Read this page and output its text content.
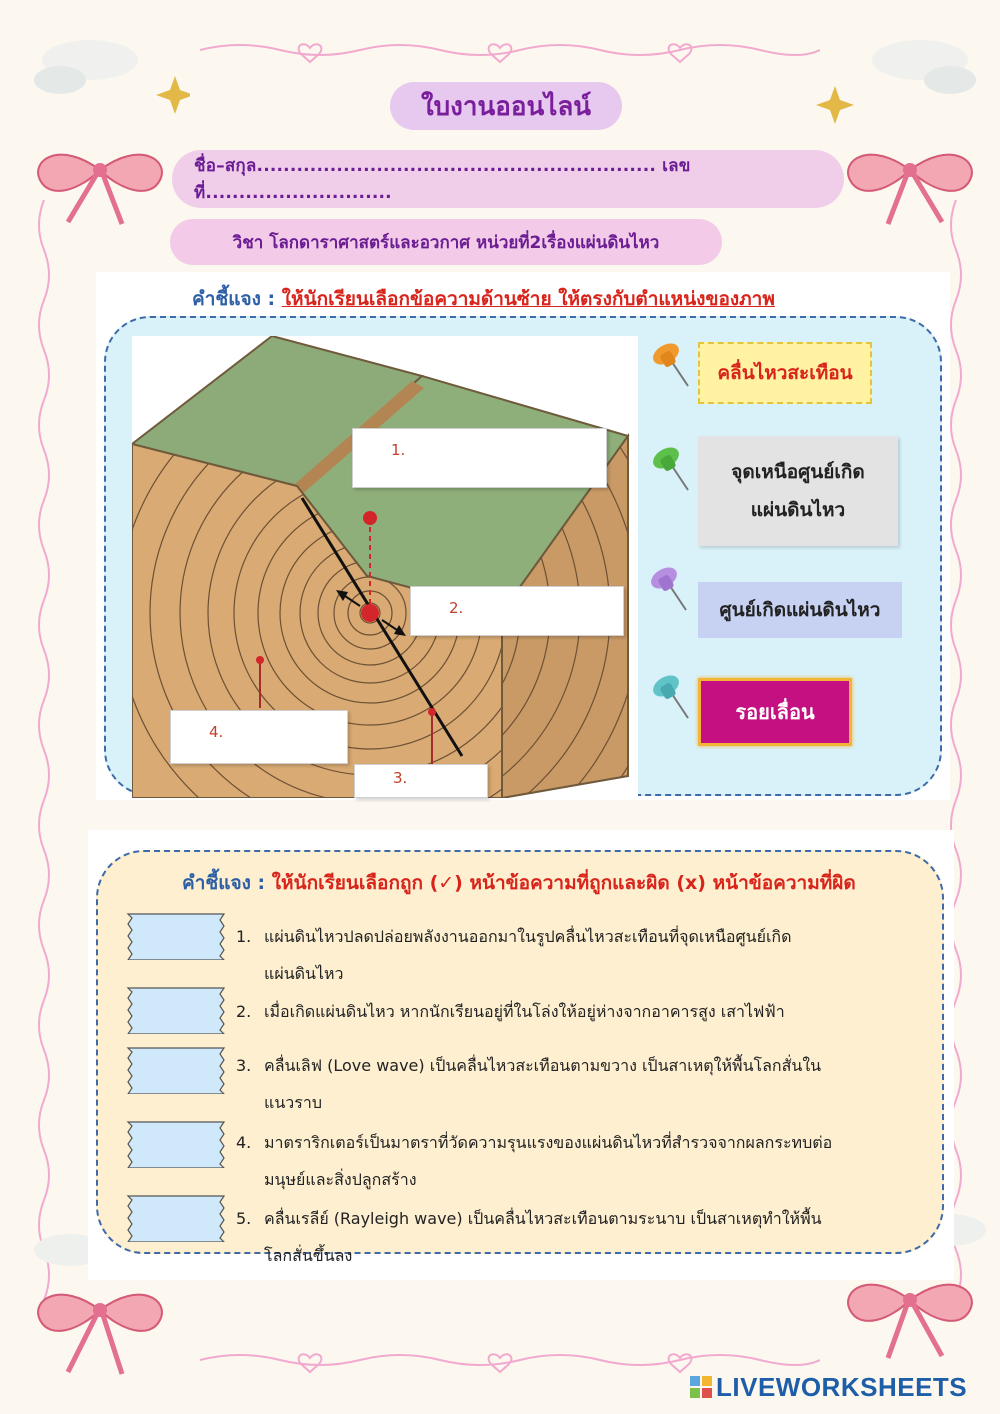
ใบงานออนไลน์
ชื่อ–สกุล............................................................ เลขที่............................
วิชา โลกดาราศาสตร์และอวกาศ หน่วยที่2เรื่องแผ่นดินไหว
คำชี้แจง : ให้นักเรียนเลือกข้อความด้านซ้าย ให้ตรงกับตำแหน่งของภาพ
1.
2.
4.
3.
คลื่นไหวสะเทือน
จุดเหนือศูนย์เกิด
แผ่นดินไหว
ศูนย์เกิดแผ่นดินไหว
รอยเลื่อน
คำชี้แจง : ให้นักเรียนเลือกถูก (✓) หน้าข้อความที่ถูกและผิด (x) หน้าข้อความที่ผิด
1. แผ่นดินไหวปลดปล่อยพลังงานออกมาในรูปคลื่นไหวสะเทือนที่จุดเหนือศูนย์เกิด
แผ่นดินไหว
2. เมื่อเกิดแผ่นดินไหว หากนักเรียนอยู่ที่ในโล่งให้อยู่ห่างจากอาคารสูง เสาไฟฟ้า
3. คลื่นเลิฟ (Love wave) เป็นคลื่นไหวสะเทือนตามขวาง เป็นสาเหตุให้พื้นโลกสั่นใน
แนวราบ
4. มาตราริกเตอร์เป็นมาตราที่วัดความรุนแรงของแผ่นดินไหวที่สำรวจจากผลกระทบต่อ
มนุษย์และสิ่งปลูกสร้าง
5. คลื่นเรลีย์ (Rayleigh wave) เป็นคลื่นไหวสะเทือนตามระนาบ เป็นสาเหตุทำให้พื้น
โลกสั่นขึ้นลง
LIVEWORKSHEETS
